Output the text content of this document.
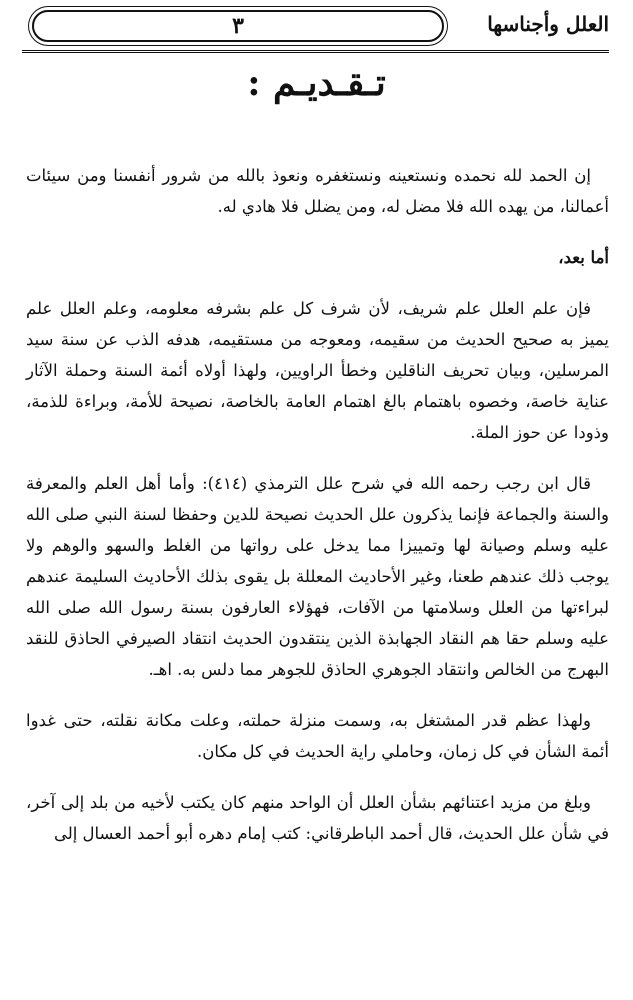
العلل وأجناسها
٣
تـقـديـم :

إن الحمد لله نحمده ونستعينه ونستغفره ونعوذ بالله من شرور أنفسنا ومن سيئات أعمالنا، من يهده الله فلا مضل له، ومن يضلل فلا هادي له.

أما بعد،

فإن علم العلل علم شريف، لأن شرف كل علم بشرفه معلومه، وعلم العلل علم يميز به صحيح الحديث من سقيمه، ومعوجه من مستقيمه، هدفه الذب عن سنة سيد المرسلين، وبيان تحريف الناقلين وخطأ الراويين، ولهذا أولاه أئمة السنة وحملة الآثار عناية خاصة، وخصوه باهتمام بالغ اهتمام العامة بالخاصة، نصيحة للأمة، وبراءة للذمة، وذودا عن حوز الملة.

قال ابن رجب رحمه الله في شرح علل الترمذي (٤١٤): وأما أهل العلم والمعرفة والسنة والجماعة فإنما يذكرون علل الحديث نصيحة للدين وحفظا لسنة النبي صلى الله عليه وسلم وصيانة لها وتمييزا مما يدخل على رواتها من الغلط والسهو والوهم ولا يوجب ذلك عندهم طعنا، وغير الأحاديث المعللة بل يقوى بذلك الأحاديث السليمة عندهم لبراءتها من العلل وسلامتها من الآفات، فهؤلاء العارفون بسنة رسول الله صلى الله عليه وسلم حقا هم النقاد الجهابذة الذين ينتقدون الحديث انتقاد الصيرفي الحاذق للنقد البهرج من الخالص وانتقاد الجوهري الحاذق للجوهر مما دلس به. اهـ.

ولهذا عظم قدر المشتغل به، وسمت منزلة حملته، وعلت مكانة نقلته، حتى غدوا أئمة الشأن في كل زمان، وحاملي راية الحديث في كل مكان.

وبلغ من مزيد اعتنائهم بشأن العلل أن الواحد منهم كان يكتب لأخيه من بلد إلى آخر، في شأن علل الحديث، قال أحمد الباطرقاني: كتب إمام دهره أبو أحمد العسال إلى
